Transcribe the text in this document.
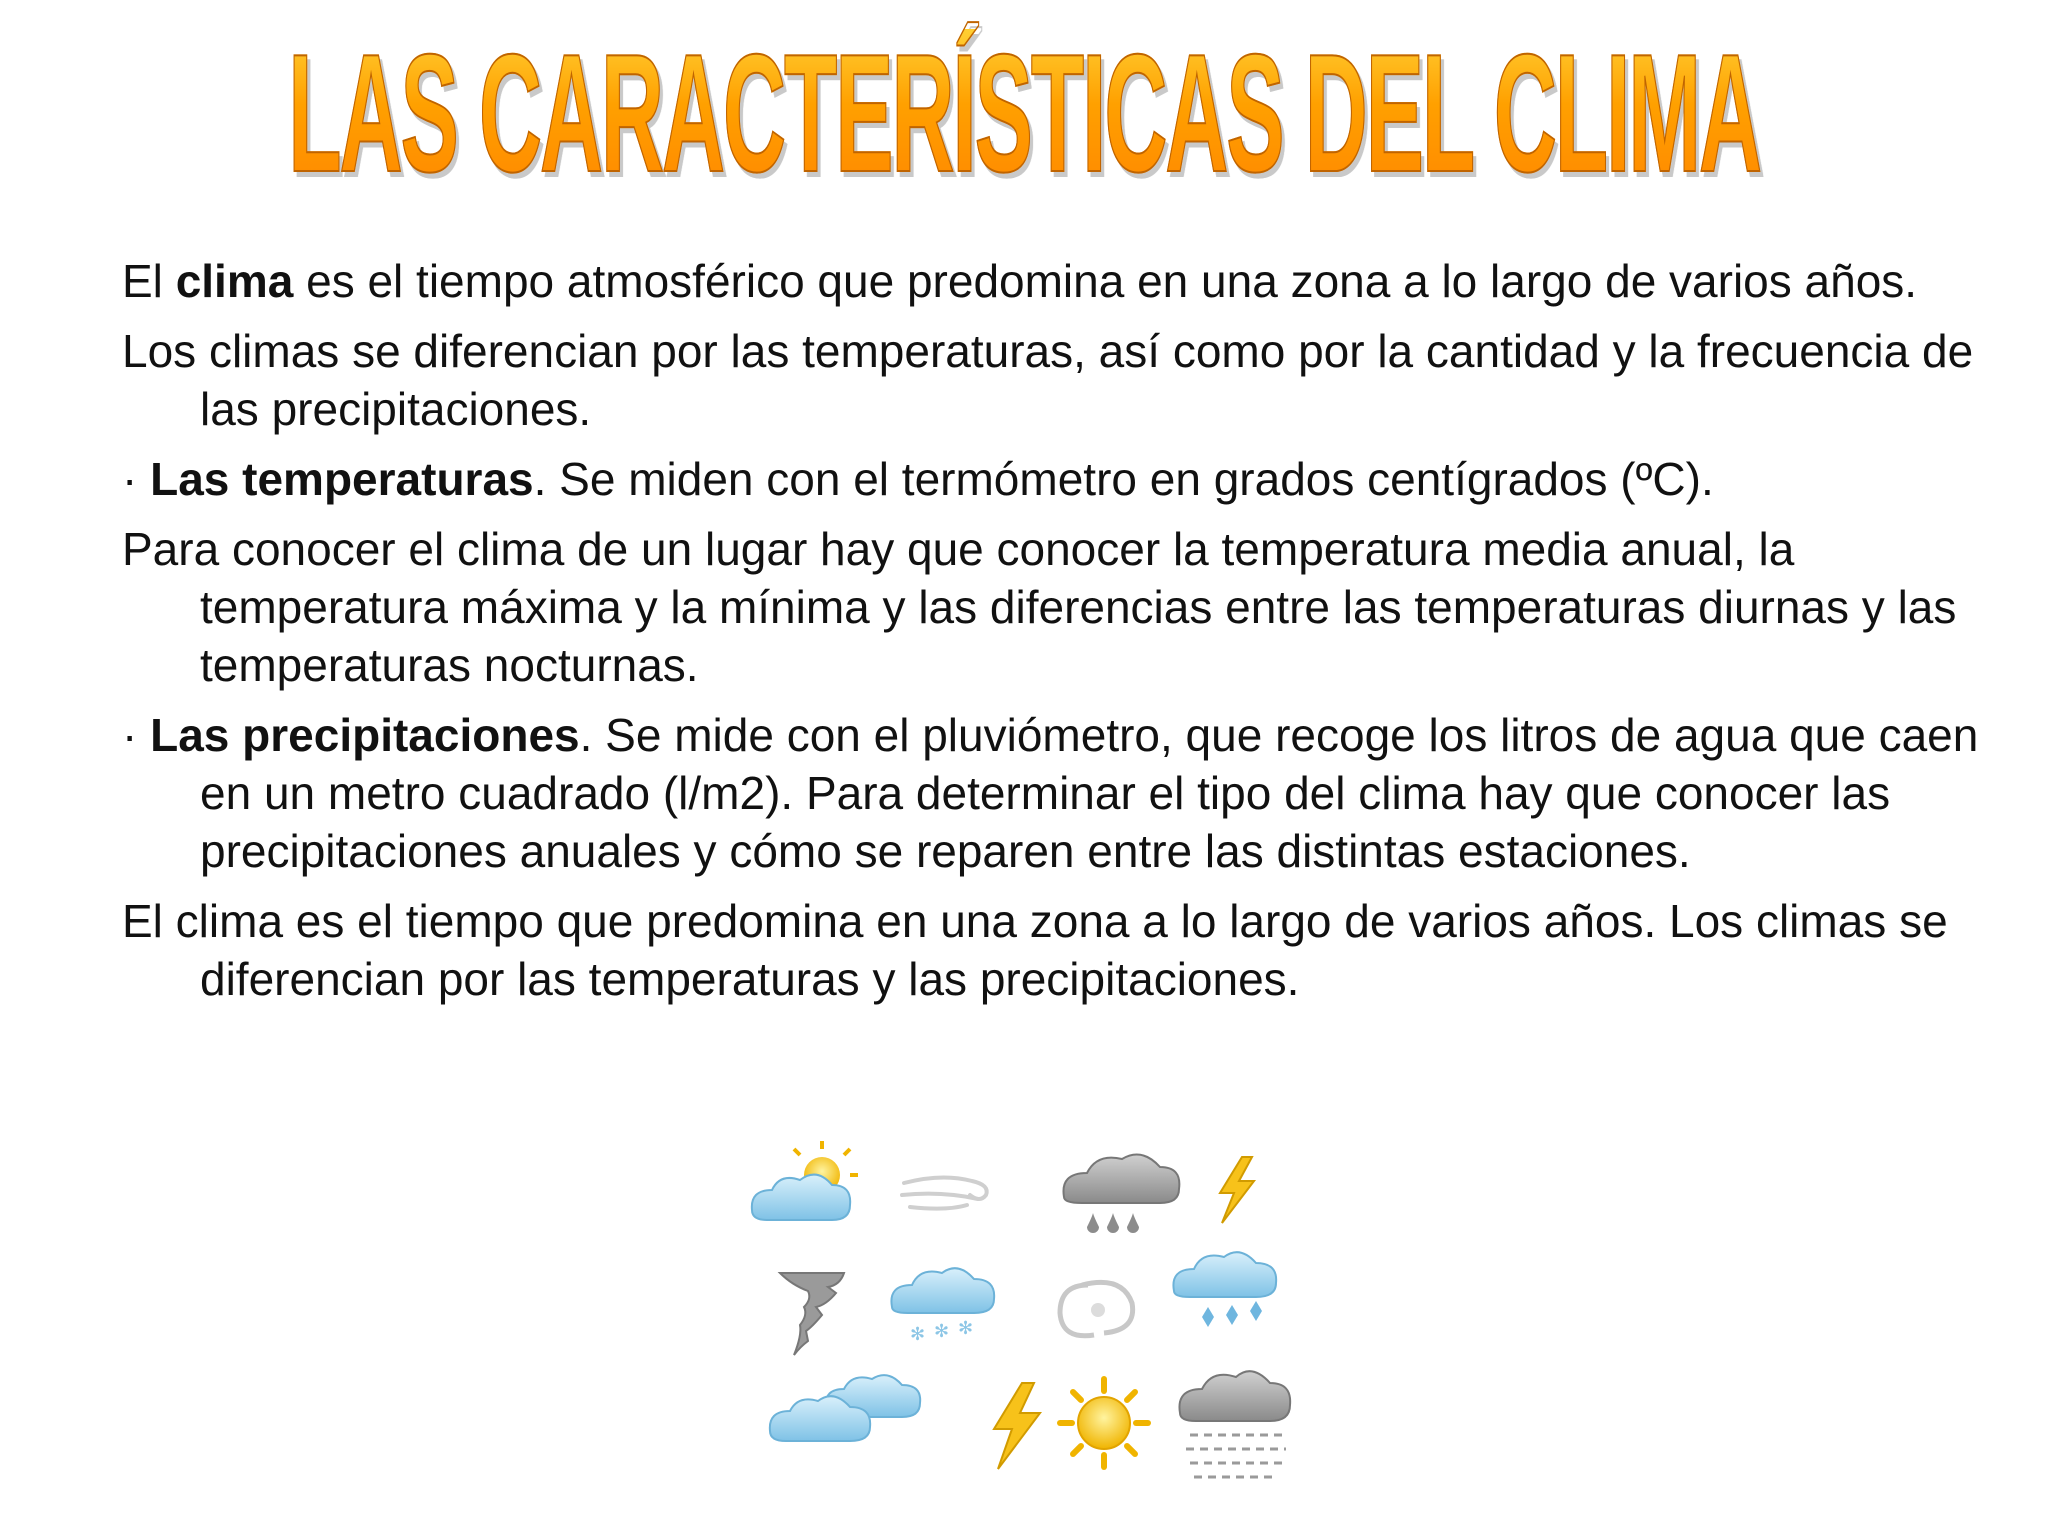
LAS CARACTERÍSTICAS DEL CLIMA

El clima es el tiempo atmosférico que predomina en una zona a lo largo de varios años.

Los climas se diferencian por las temperaturas, así como por la cantidad y la frecuencia de las precipitaciones.

· Las temperaturas. Se miden con el termómetro en grados centígrados (ºC).

Para conocer el clima de un lugar hay que conocer la temperatura media anual, la temperatura máxima y la mínima y las diferencias entre las temperaturas diurnas y las temperaturas nocturnas.

· Las precipitaciones. Se mide con el pluviómetro, que recoge los litros de agua que caen en un metro cuadrado (l/m2). Para determinar el tipo del clima hay que conocer las precipitaciones anuales y cómo se reparen entre las distintas estaciones.

El clima es el tiempo que predomina en una zona a lo largo de varios años. Los climas se diferencian por las temperaturas y las precipitaciones.

✻ ✻ ✻
